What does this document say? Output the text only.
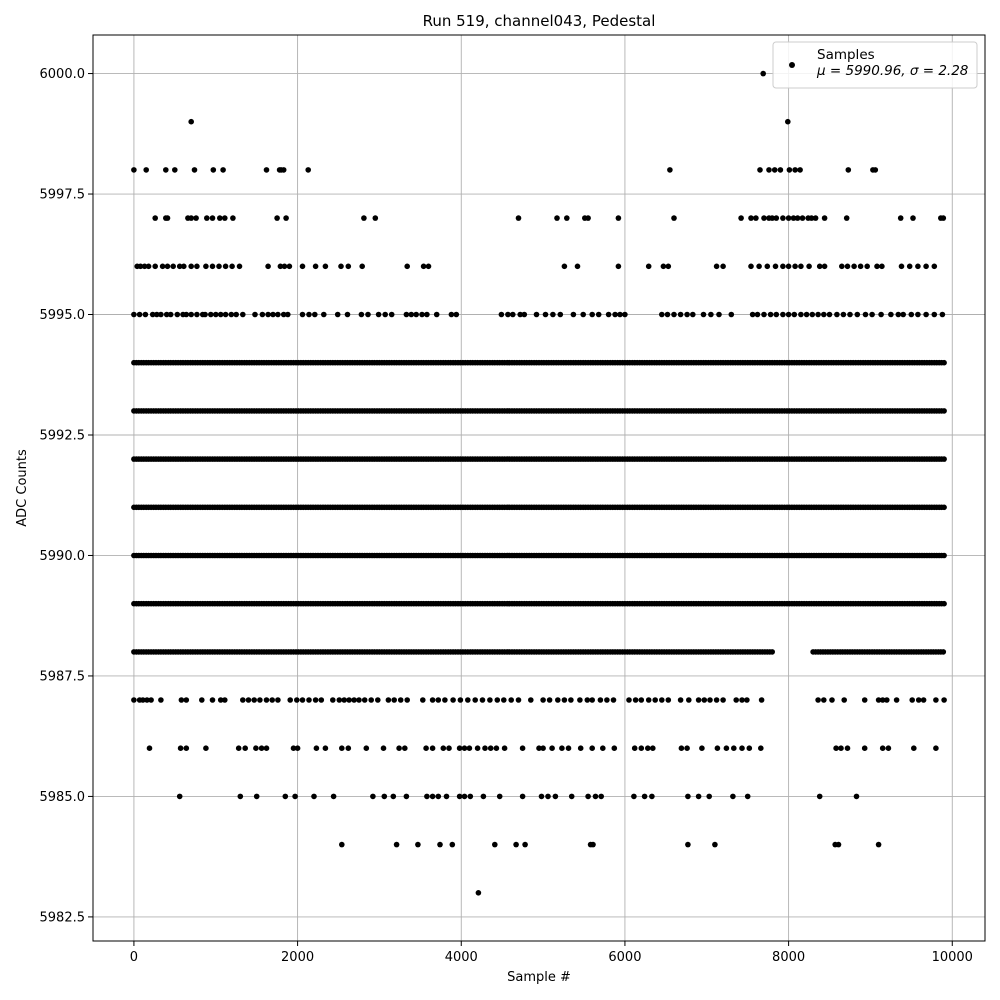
0	2000	4000	6000	8000	10000
5982.5
5985.0
5987.5
5990.0
5992.5
5995.0
5997.5
6000.0
Run 519, channel043, Pedestal
Sample #
ADC Counts
Samples
μ = 5990.96, σ = 2.28
